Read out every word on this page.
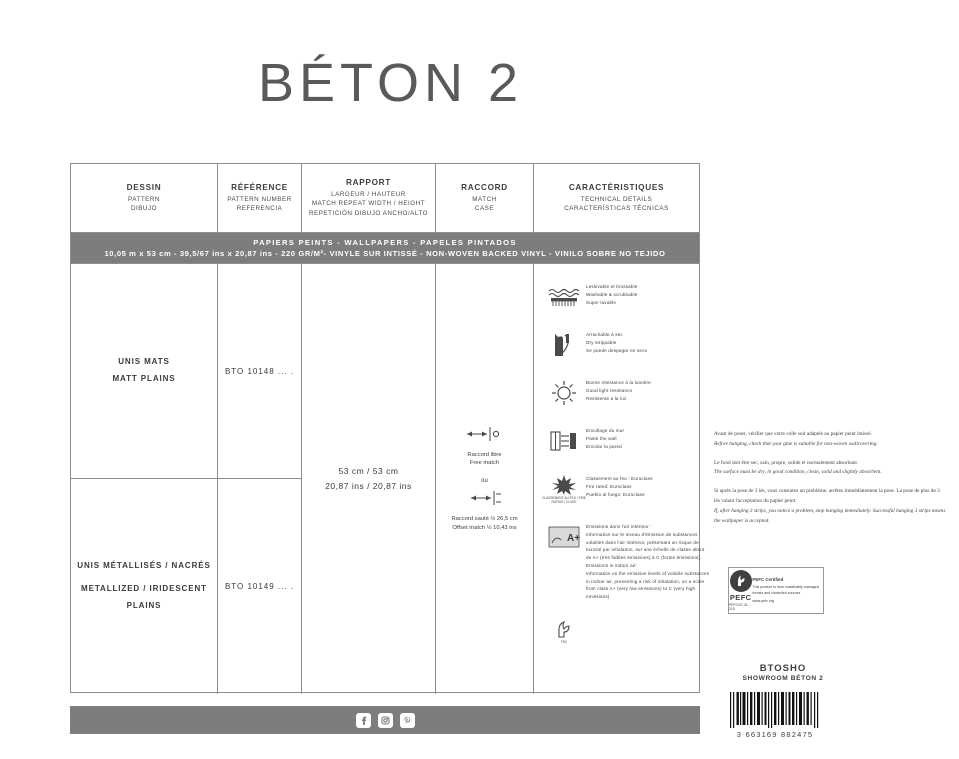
BÉTON 2
DESSIN
PATTERN
DIBUJO
RÉFÉRENCE
PATTERN NUMBER
REFERENCIA
RAPPORT
LARGEUR / HAUTEUR
MATCH REPEAT WIDTH / HEIGHT
REPETICIÓN DIBUJO ANCHO/ALTO
RACCORD
MATCH
CASE
CARACTÉRISTIQUES
TECHNICAL DETAILS
CARACTERÍSTICAS TÉCNICAS
PAPIERS PEINTS - WALLPAPERS - PAPELES PINTADOS
10,05 m x 53 cm - 39,5/67 ins x 20,87 ins - 220 GR/M²- VINYLE SUR INTISSÉ - NON-WOVEN BACKED VINYL - VINILO SOBRE NO TEJIDO
UNIS MATS
MATT PLAINS
UNIS MÉTALLISÉS / NACRÉS
METALLIZED / IRIDESCENT
PLAINS
BTO 10148 ... .
BTO 10149 ... .
53 cm / 53 cm
20,87 ins / 20,87 ins
Raccord libre
Free match
ou
Raccord sauté ½ 26,5 cm
Offset match ½ 10,43 ins
Lessivable et brossable
Washable & scrubbable
Super lavable
Arrachable à sec
Dry strippable
Se puede despegar en seco
Bonne résistance à la lumière
Good light resistance
Resistente a la luz
Encollage du mur
Paste the wall
Encolar la pared
CLASSEMENT AU FEU / FIRE RATING / CLASE
Classement au feu : Euroclass
Fire rated: Euroclass
Pueblo al fuego: Euroclase
A+
Émissions dans l'air intérieur :
Information sur le niveau d'émission de substances
volatiles dans l'air intérieur, présentant un risque de
toxicité par inhalation, sur une échelle de classe allant
de A+ (très faibles émissions) à C (fortes émissions).
Emissions in indoor air:
Information on the emission levels of volatile substances
in indoor air, presenting a risk of inhalation, on a scale
from class A+ (very low emissions) to C (very high
emissions).
FSC

Avant de poser, vérifier que votre colle soit adaptée au papier peint intissé.
Before hanging, check that your glue is suitable for non-woven wallcovering.

Le fond doit être sec, sain, propre, solide et normalement absorbant.
The surface must be dry, in good condition, clean, solid and slightly absorbent.

Si après la pose de 3 lés, vous constatez un problème, arrêtez immédiatement la pose. La pose de plus de 3 lés valant l'acceptation du papier peint.
If, after hanging 3 strips, you notice a problem, stop hanging immediately. Successful hanging 3 strips means the wallpaper is accepted.

PEFC
PEFC/07-31-215
PEFC Certified
This product is from sustainably managed forests and controlled sources
www.pefc.org
BTOSHO
SHOWROOM BÉTON 2
3 663169 882475
